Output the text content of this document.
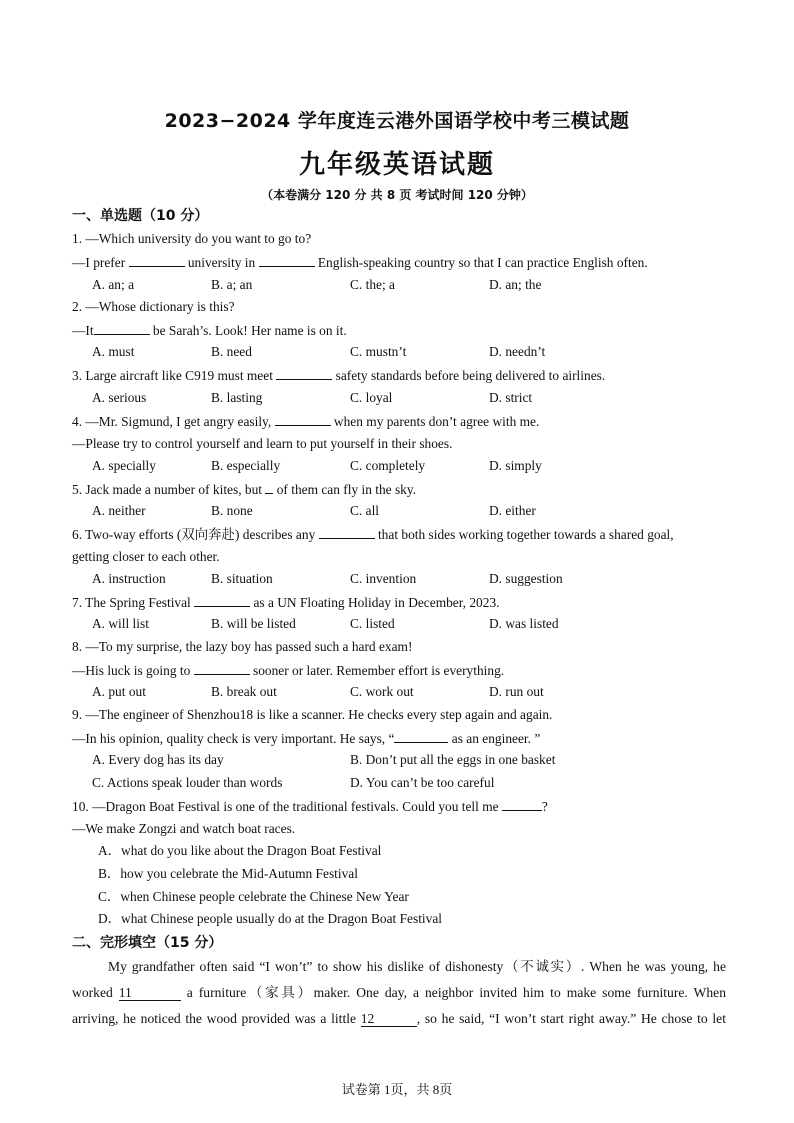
2023−2024 学年度连云港外国语学校中考三模试题
九年级英语试题
（本卷满分 120 分 共 8 页 考试时间 120 分钟）
一、单选题（10 分）
1. —Which university do you want to go to?
—I prefer	university in	English-speaking country so that I can practice English often.
A. an; a	B. a; an	C. the; a	D. an; the
2. —Whose dictionary is this?
—It	be Sarah’s. Look! Her name is on it.
A. must	B. need	C. mustn’t	D. needn’t
3. Large aircraft like C919 must meet	safety standards before being delivered to airlines.
A. serious	B. lasting	C. loyal	D. strict
4. —Mr. Sigmund, I get angry easily,	when my parents don’t agree with me.
—Please try to control yourself and learn to put yourself in their shoes.
A. specially	B. especially	C. completely	D. simply
5. Jack made a number of kites, but  of them can fly in the sky.
A. neither	B. none	C. all	D. either
6. Two-way efforts (双向奔赴) describes any	that both sides working together towards a shared goal,
getting closer to each other.
A. instruction	B. situation	C. invention	D. suggestion
7. The Spring Festival	as a UN Floating Holiday in December, 2023.
A. will list	B. will be listed	C. listed	D. was listed
8. —To my surprise, the lazy boy has passed such a hard exam!
—His luck is going to	sooner or later. Remember effort is everything.
A. put out	B. break out	C. work out	D. run out
9. —The engineer of Shenzhou18 is like a scanner. He checks every step again and again.
—In his opinion, quality check is very important. He says, “	as an engineer. ”
A. Every dog has its day	B. Don’t put all the eggs in one basket
C. Actions speak louder than words	D. You can’t be too careful
10. —Dragon Boat Festival is one of the traditional festivals. Could you tell me	?
—We make Zongzi and watch boat races.
A．what do you like about the Dragon Boat Festival
B．how you celebrate the Mid-Autumn Festival
C．when Chinese people celebrate the Chinese New Year
D．what Chinese people usually do at the Dragon Boat Festival
二、完形填空（15 分）
My grandfather often said “I won’t” to show his dislike of dishonesty（不诚实）. When he was young, he
worked 11	a furniture（家具）maker. One day, a neighbor invited him to make some furniture. When
arriving, he noticed the wood provided was a little 12	, so he said, “I won’t start right away.” He chose to let
试卷第 1页，共 8页
